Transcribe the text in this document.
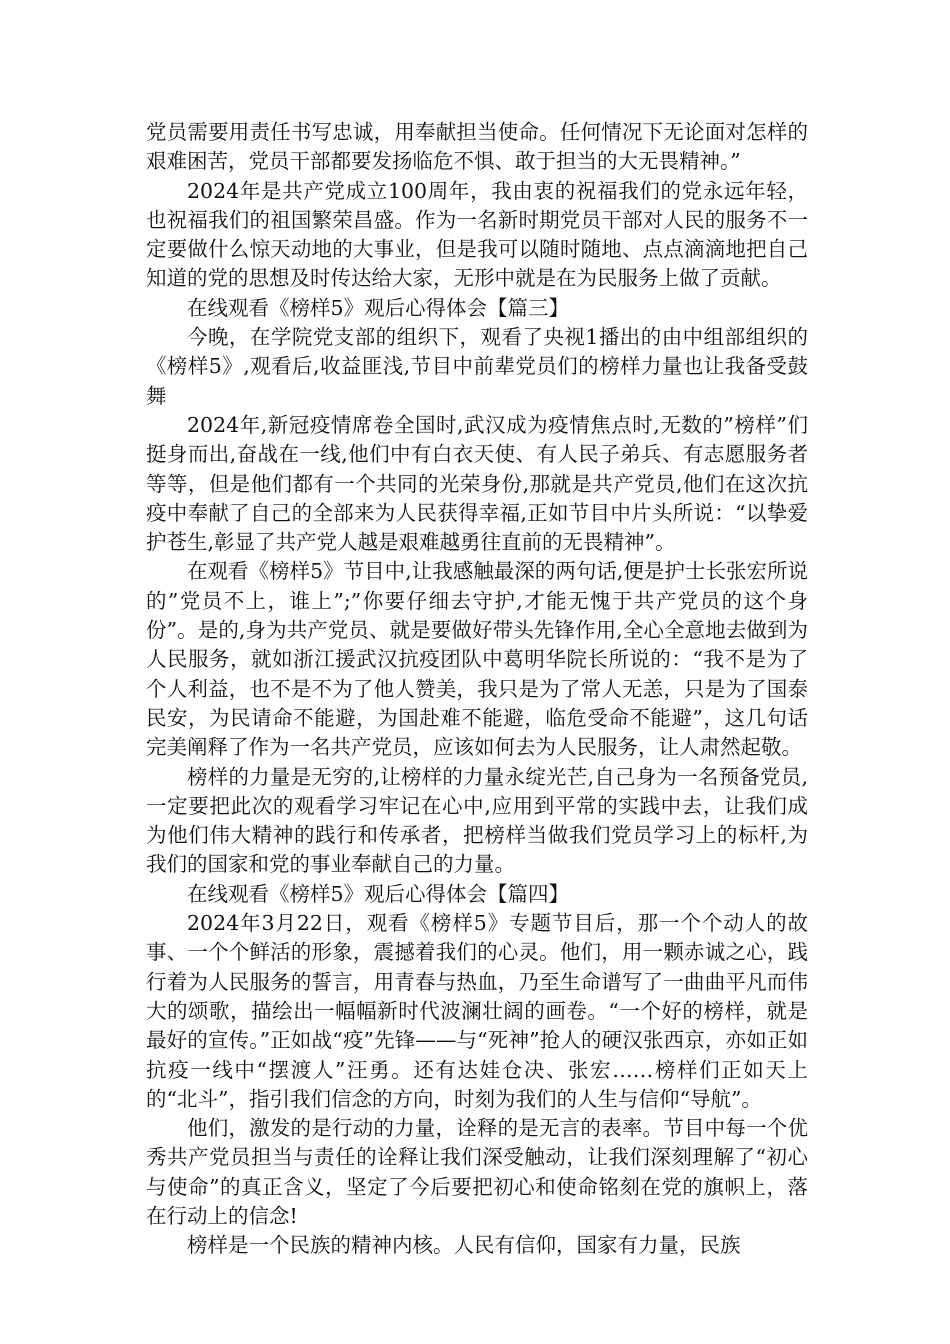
党员需要用责任书写忠诚，用奉献担当使命。任何情况下无论面对怎样的艰难困苦，党员干部都要发扬临危不惧、敢于担当的大无畏精神。”

2024年是共产党成立100周年，我由衷的祝福我们的党永远年轻，也祝福我们的祖国繁荣昌盛。作为一名新时期党员干部对人民的服务不一定要做什么惊天动地的大事业，但是我可以随时随地、点点滴滴地把自己知道的党的思想及时传达给大家，无形中就是在为民服务上做了贡献。

在线观看《榜样5》观后心得体会【篇三】

今晚，在学院党支部的组织下，观看了央视1播出的由中组部组织的《榜样5》,观看后,收益匪浅,节目中前辈党员们的榜样力量也让我备受鼓舞

2024年,新冠疫情席卷全国时,武汉成为疫情焦点时,无数的”榜样”们挺身而出,奋战在一线,他们中有白衣天使、有人民子弟兵、有志愿服务者等等，但是他们都有一个共同的光荣身份,那就是共产党员,他们在这次抗疫中奉献了自己的全部来为人民获得幸福,正如节目中片头所说：“以挚爱护苍生,彰显了共产党人越是艰难越勇往直前的无畏精神”。

在观看《榜样5》节目中,让我感触最深的两句话,便是护士长张宏所说的”党员不上，谁上”;”你要仔细去守护,才能无愧于共产党员的这个身份”。是的,身为共产党员、就是要做好带头先锋作用,全心全意地去做到为人民服务，就如浙江援武汉抗疫团队中葛明华院长所说的：“我不是为了个人利益，也不是不为了他人赞美，我只是为了常人无恙，只是为了国泰民安，为民请命不能避，为国赴难不能避，临危受命不能避”，这几句话完美阐释了作为一名共产党员，应该如何去为人民服务，让人肃然起敬。

榜样的力量是无穷的,让榜样的力量永绽光芒,自己身为一名预备党员,一定要把此次的观看学习牢记在心中,应用到平常的实践中去，让我们成为他们伟大精神的践行和传承者，把榜样当做我们党员学习上的标杆,为我们的国家和党的事业奉献自己的力量。

在线观看《榜样5》观后心得体会【篇四】

2024年3月22日，观看《榜样5》专题节目后，那一个个动人的故事、一个个鲜活的形象，震撼着我们的心灵。他们，用一颗赤诚之心，践行着为人民服务的誓言，用青春与热血，乃至生命谱写了一曲曲平凡而伟大的颂歌，描绘出一幅幅新时代波澜壮阔的画卷。“一个好的榜样，就是最好的宣传。”正如战“疫”先锋——与“死神”抢人的硬汉张西京，亦如正如抗疫一线中“摆渡人”汪勇。还有达娃仓决、张宏……榜样们正如天上的“北斗”，指引我们信念的方向，时刻为我们的人生与信仰“导航”。

他们，激发的是行动的力量，诠释的是无言的表率。节目中每一个优秀共产党员担当与责任的诠释让我们深受触动，让我们深刻理解了“初心与使命”的真正含义，坚定了今后要把初心和使命铭刻在党的旗帜上，落在行动上的信念!

榜样是一个民族的精神内核。人民有信仰，国家有力量，民族
